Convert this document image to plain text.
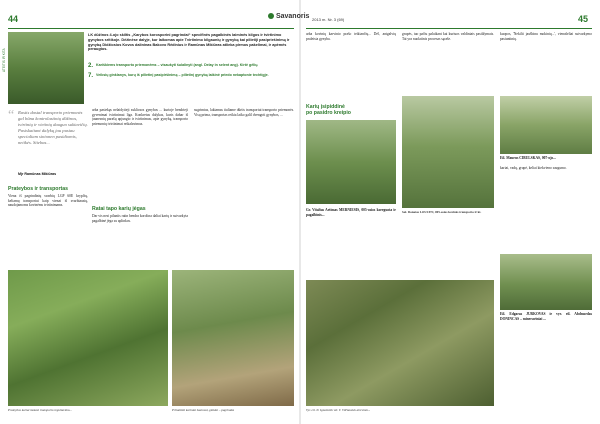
44
ATEITIS IR KITA
LK dūžinos 4-ojo skiltis „Karybos korosporini pagrindai“ specifinės pagalbinės laiminės kilgos ir tvirtinimo gynybos sritikoje. Dėžinėse dalyje, kur laikomas apie Tvirtinimo kilgaunių ir gynybą kai pilietiji pasipriešinimą ir gynybą Didžiosios Kovos dalininas Bakovo Rėdinius ir Ramūnas Mikiūras atlieka pirmos pakelimai, ir apėmės peraugtos.
2. Kariškiems transporto priemonėms – visaukyti šulalinyti (angl. Delay in selent ang). Kirtė gėlių.
7. Veiksių ginklanys, kurų iš pilietinį pasipiršinimą – pilietinį gynybą laikinė priedo nekaptonie techtigje.
“ Rastis dastal transporto priemonės gal būna kontrolastinių dūžinos, tvirtinių ir vietinių dauguo sukiavičių. Pasiskaitant dalykų jau pusiau specialiam sinionen pasidiomis, netikės. Stiebas...
Mjr Ramūnas Mikiūras
Prateybos ir transportas
Viena iš pagrindinių svarbių LGP 60E krypčių, keliamų transportui kaip vienai iš svarbiausių, naudojamoms kovinėms tvirtinimams.
arba pasiekęs nelaidytieji sukliosos gynybos ... kurioje bendrieji gyvenimai tvirtinimai liga. Konkretus dalykas, kuris dabar iš jaunesnių parašų apjungio ir tvirtinimus, apie gynybą, transporto priemonių tvirtinimai reikalavimus.
Ratai tapo karių jėgas
Dar vis nesi pilantis ratin bendra korolina daliai karių ir sutvarkyta pagalbinė jėga su aplinkos.
sugrimtus, lakiamas tiuliame dūrtis transportui transporto priemonės. Visų prima, transportas reikia laiko galil dvengoti gynybos, ...
Prateybos kariai mokosi transporto reguliavimo...	Pritaikinti kariniai šautuvai, ginklai – pagrindas
Savanoris 2013 m. Nr. 3 (69)	45
arba kovinių karvinio prašo teikiančių... Dėl, antgalvių praleista gynyba.
Karių įsipiddinė
po pasidro kreipio
Gr. Vitaltas Artimas MERNIEŠIS, 005-osios koreguota ir pagalbinis...
grupės, tuo pačiu palaikant kai kuriuos valdiniais pasiūlymais. Tai yra nuolatinis procesas sąraše.
Sol. Donatas LOUCEN, 005-osios kovinės transporto ir kt.
kuopos, 'Nekilti jaušbinu mokinių...', vienašeliai sutvarkymo pasiuntinių.
Eil. Maurus CIBULSKAS, 007-ojo...
kariai, vadų, grupė, keliai kiekvieno saugumo.
Eil. Edgaras JURKOVAS ir vyr. eil. Abdmsedas DONINCAS – mineraviniai ...
Vyr. eil. N. Ignačaitis vėl. T. Vilčiauskis atrevinio...
